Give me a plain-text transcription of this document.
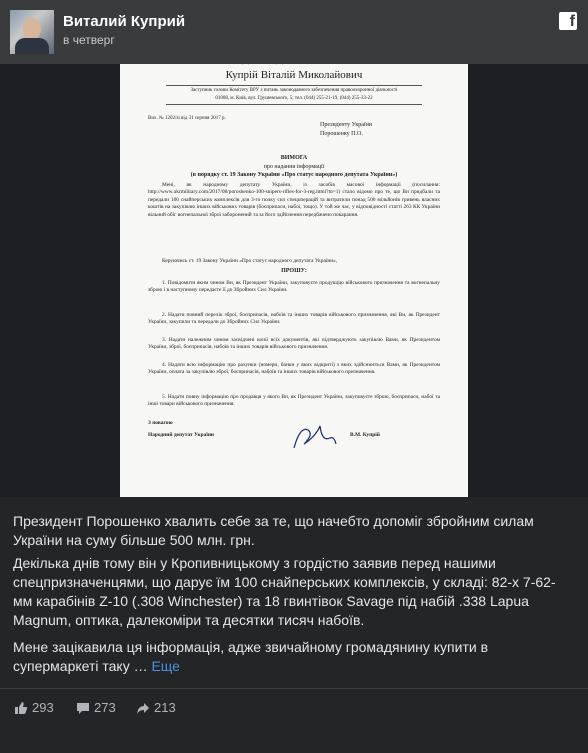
Купрій Віталій Миколайович
Заступник голови Комітету ВРУ з питань законодавчого забезпечення правоохоронної діяльності
01008, м. Київ, вул. Грушевського, 5; тел. (044) 255-21-19, (044) 255-33-22
Вих. № 1202/зі від 31 серпня 2017 р.
Президенту України
Порошенку П.О.
ВИМОГА
про надання інформації
(в порядку ст. 19 Закону України «Про статус народного депутата України»)
Мені, як народному депутату України, із засобів масової інформації (посилання: http://www.ukrmilitary.com/2017/08/poroshenko-100-snipers-rifles-for-3-reg.html?m=1) стало відомо про те, що Ви придбали та передали 100 снайперських комплексів для 3-го полку сил спецоперацій та витратили понад 500 мільйонів гривень власних коштів на закупівлю інших військових товарів (боєприпаси, набої, тощо). У той же час, у відповідності статті 263 КК України вільний обіг вогнепальної зброї заборонений та за його здійснення передбачено покарання.
Керуючись ст. 19 Закону України «Про статус народного депутата України»,
ПРОШУ:
1. Повідомити яким чином Ви, як Президент України, закуповуєте продукцію військового призначення та вогнепальну зброю і в наступному передаєте її до Збройних Сил України.
2. Надати повний перелік зброї, боєприпасів, набоїв та інших товарів військового призначення, які Ви, як Президент України, закупили та передали до Збройних Сил України.
3. Надати належним чином засвідчені копії всіх документів, які підтверджують закупівлю Вами, як Президентом України, зброї, боєприпасів, набоїв та інших товарів військового призначення.
4. Надати всю інформацію про рахунки (номери, банки у яких відкриті) з яких здійснюється Вами, як Президентом України, оплата за закупівлю зброї, боєприпасів, набоїв та інших товарів військового призначення.
5. Надати повну інформацію про продавця у якого Ви, як Президент України, закуповуєте зброю, боєприпаси, набої та інші товари військового призначення.
З повагою
Народний депутат України	В.М. Купрій
Виталий Куприй
в четверг
f
Президент Порошенко хвалить себе за те, що начебто допоміг збройним силам України на суму більше 500 млн. грн.
Декілька днів тому він у Кропивницькому з гордістю заявив перед нашими спецпризначенцями, що дарує їм 100 снайперських комплексів, у складі: 82-х 7-62-мм карабінів Z-10 (.308 Winchester) та 18 гвинтівок Savage під набій .338 Lapua Magnum, оптика, далекоміри та десятки тисяч набоїв.
Мене зацікавила ця інформація, адже звичайному громадянину купити в супермаркеті таку … Еще
293	273	213
